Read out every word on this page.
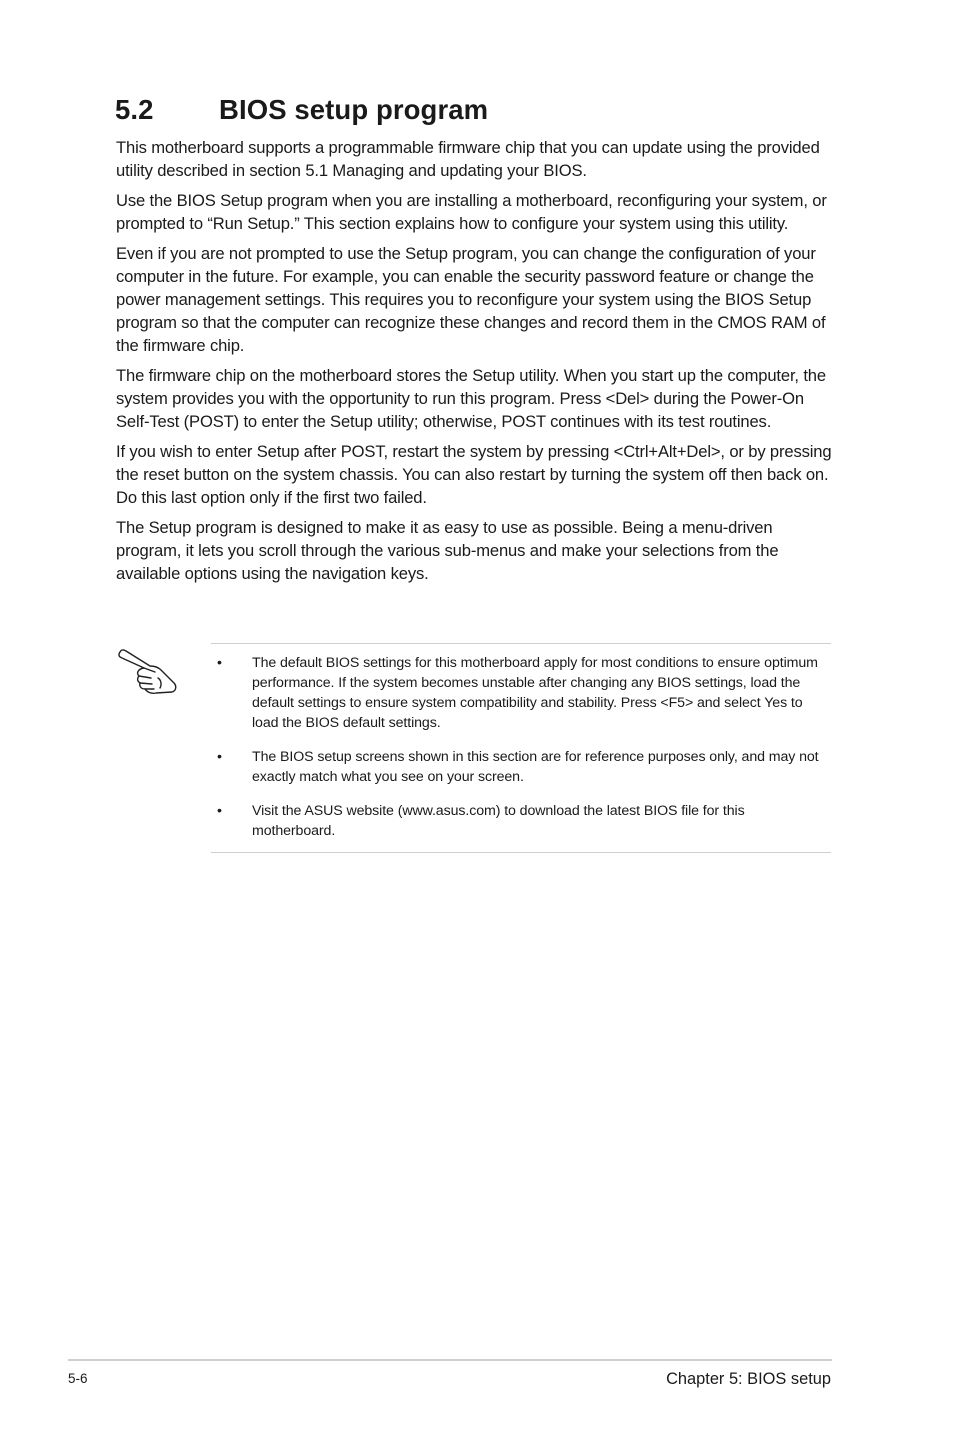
5.2 BIOS setup program

This motherboard supports a programmable firmware chip that you can update using the provided utility described in section 5.1 Managing and updating your BIOS.

Use the BIOS Setup program when you are installing a motherboard, reconfiguring your system, or prompted to “Run Setup.” This section explains how to configure your system using this utility.

Even if you are not prompted to use the Setup program, you can change the configuration of your computer in the future. For example, you can enable the security password feature or change the power management settings. This requires you to reconfigure your system using the BIOS Setup program so that the computer can recognize these changes and record them in the CMOS RAM of the firmware chip.

The firmware chip on the motherboard stores the Setup utility. When you start up the computer, the system provides you with the opportunity to run this program. Press <Del> during the Power-On Self-Test (POST) to enter the Setup utility; otherwise, POST continues with its test routines.

If you wish to enter Setup after POST, restart the system by pressing <Ctrl+Alt+Del>, or by pressing the reset button on the system chassis. You can also restart by turning the system off then back on. Do this last option only if the first two failed.

The Setup program is designed to make it as easy to use as possible. Being a menu-driven program, it lets you scroll through the various sub-menus and make your selections from the available options using the navigation keys.

• The default BIOS settings for this motherboard apply for most conditions to ensure optimum performance. If the system becomes unstable after changing any BIOS settings, load the default settings to ensure system compatibility and stability. Press <F5> and select Yes to load the BIOS default settings.
• The BIOS setup screens shown in this section are for reference purposes only, and may not exactly match what you see on your screen.
• Visit the ASUS website (www.asus.com) to download the latest BIOS file for this motherboard.
5-6	Chapter 5: BIOS setup
